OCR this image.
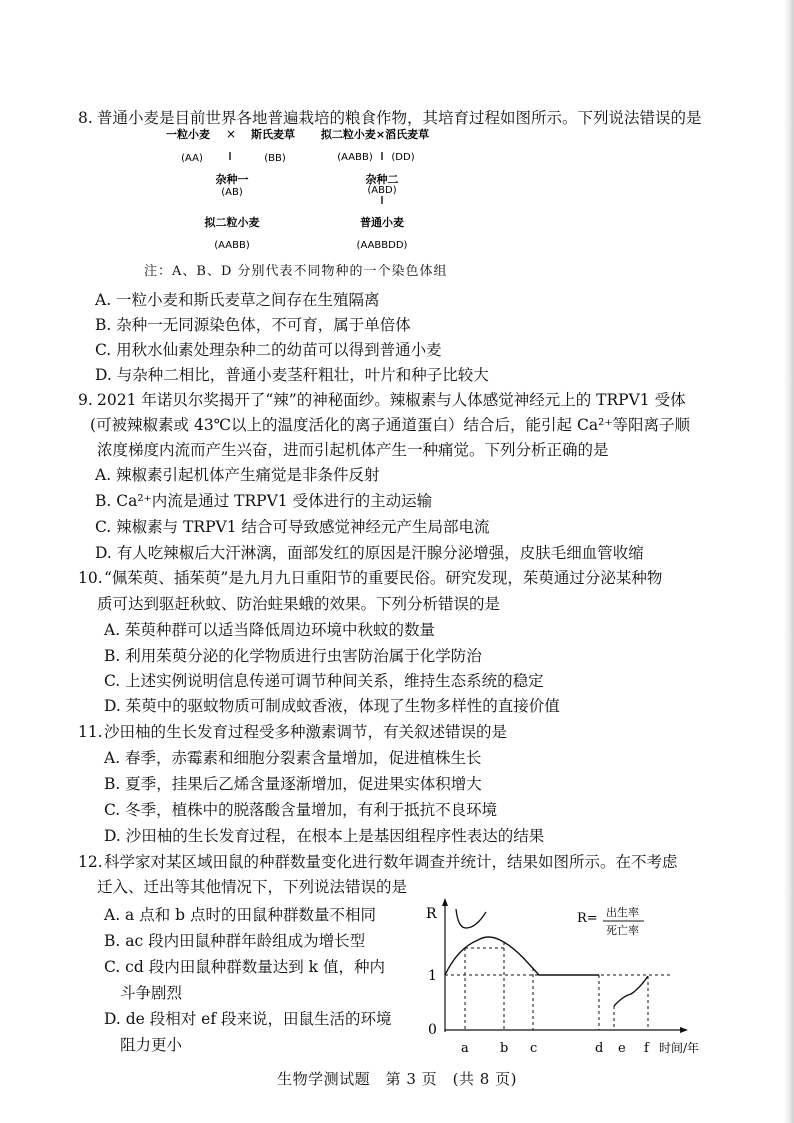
8. 普通小麦是目前世界各地普遍栽培的粮食作物，其培育过程如图所示。下列说法错误的是
一粒小麦 × 斯氏麦草
(AA)	(BB)
杂种一
(AB)
拟二粒小麦
(AABB)
拟二粒小麦×滔氏麦草
(AABB) (DD)
杂种二
(ABD)
普通小麦
(AABBDD)
注：A、B、D 分别代表不同物种的一个染色体组
A. 一粒小麦和斯氏麦草之间存在生殖隔离
B. 杂种一无同源染色体，不可育，属于单倍体
C. 用秋水仙素处理杂种二的幼苗可以得到普通小麦
D. 与杂种二相比，普通小麦茎秆粗壮，叶片和种子比较大
9. 2021 年诺贝尔奖揭开了“辣”的神秘面纱。辣椒素与人体感觉神经元上的 TRPV1 受体
(可被辣椒素或 43℃以上的温度活化的离子通道蛋白）结合后，能引起 Ca²⁺等阳离子顺
浓度梯度内流而产生兴奋，进而引起机体产生一种痛觉。下列分析正确的是
A. 辣椒素引起机体产生痛觉是非条件反射
B. Ca²⁺内流是通过 TRPV1 受体进行的主动运输
C. 辣椒素与 TRPV1 结合可导致感觉神经元产生局部电流
D. 有人吃辣椒后大汗淋漓，面部发红的原因是汗腺分泌增强，皮肤毛细血管收缩
10. “佩茱萸、插茱萸”是九月九日重阳节的重要民俗。研究发现，茱萸通过分泌某种物
质可达到驱赶秋蚊、防治蛀果蛾的效果。下列分析错误的是
A. 茱萸种群可以适当降低周边环境中秋蚊的数量
B. 利用茱萸分泌的化学物质进行虫害防治属于化学防治
C. 上述实例说明信息传递可调节种间关系，维持生态系统的稳定
D. 茱萸中的驱蚊物质可制成蚊香液，体现了生物多样性的直接价值
11. 沙田柚的生长发育过程受多种激素调节，有关叙述错误的是
A. 春季，赤霉素和细胞分裂素含量增加，促进植株生长
B. 夏季，挂果后乙烯含量逐渐增加，促进果实体积增大
C. 冬季，植株中的脱落酸含量增加，有利于抵抗不良环境
D. 沙田柚的生长发育过程，在根本上是基因组程序性表达的结果
12. 科学家对某区域田鼠的种群数量变化进行数年调查并统计，结果如图所示。在不考虑
迁入、迁出等其他情况下，下列说法错误的是
A. a 点和 b 点时的田鼠种群数量不相同
B. ac 段内田鼠种群年龄组成为增长型
C. cd 段内田鼠种群数量达到 k 值，种内
斗争剧烈
D. de 段相对 ef 段来说，田鼠生活的环境
阻力更小
R
1
0
R= 出生率
死亡率
a b c	d e f 时间/年
生物学测试题　第 3 页　(共 8 页)
